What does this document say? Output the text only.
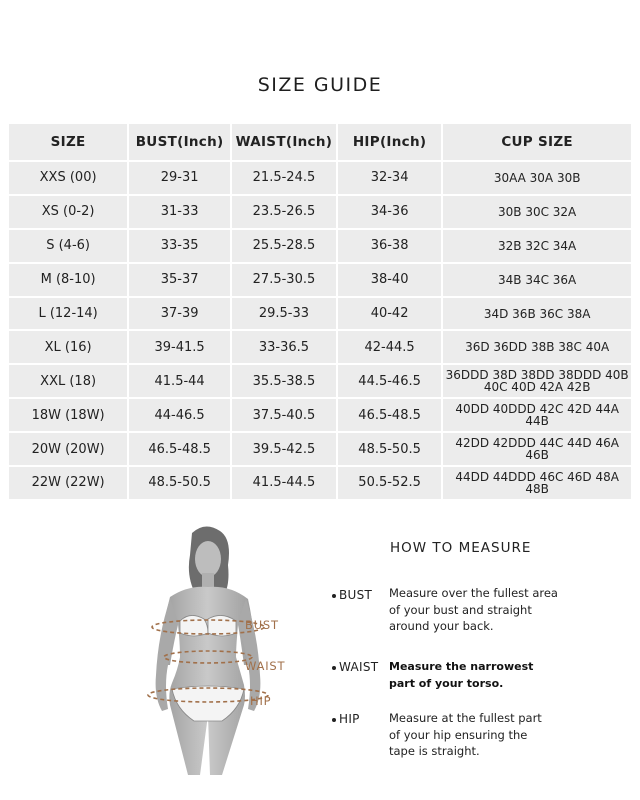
SIZE GUIDE
SIZE	BUST(Inch)	WAIST(Inch)	HIP(Inch)	CUP SIZE
XXS (00)	29-31	21.5-24.5	32-34	30AA 30A 30B
XS (0-2)	31-33	23.5-26.5	34-36	30B 30C 32A
S (4-6)	33-35	25.5-28.5	36-38	32B 32C 34A
M (8-10)	35-37	27.5-30.5	38-40	34B 34C 36A
L (12-14)	37-39	29.5-33	40-42	34D 36B 36C 38A
XL (16)	39-41.5	33-36.5	42-44.5	36D 36DD 38B 38C 40A
XXL (18)	41.5-44	35.5-38.5	44.5-46.5	36DDD 38D 38DD 38DDD 40B 40C 40D 42A 42B
18W (18W)	44-46.5	37.5-40.5	46.5-48.5	40DD 40DDD 42C 42D 44A 44B
20W (20W)	46.5-48.5	39.5-42.5	48.5-50.5	42DD 42DDD 44C 44D 46A 46B
22W (22W)	48.5-50.5	41.5-44.5	50.5-52.5	44DD 44DDD 46C 46D 48A 48B
BUST
WAIST
HIP
HOW TO MEASURE
BUST Measure over the fullest area
of your bust and straight
around your back.
WAIST Measure the narrowest
part of your torso.
HIP	Measure at the fullest part
of your hip ensuring the
tape is straight.
